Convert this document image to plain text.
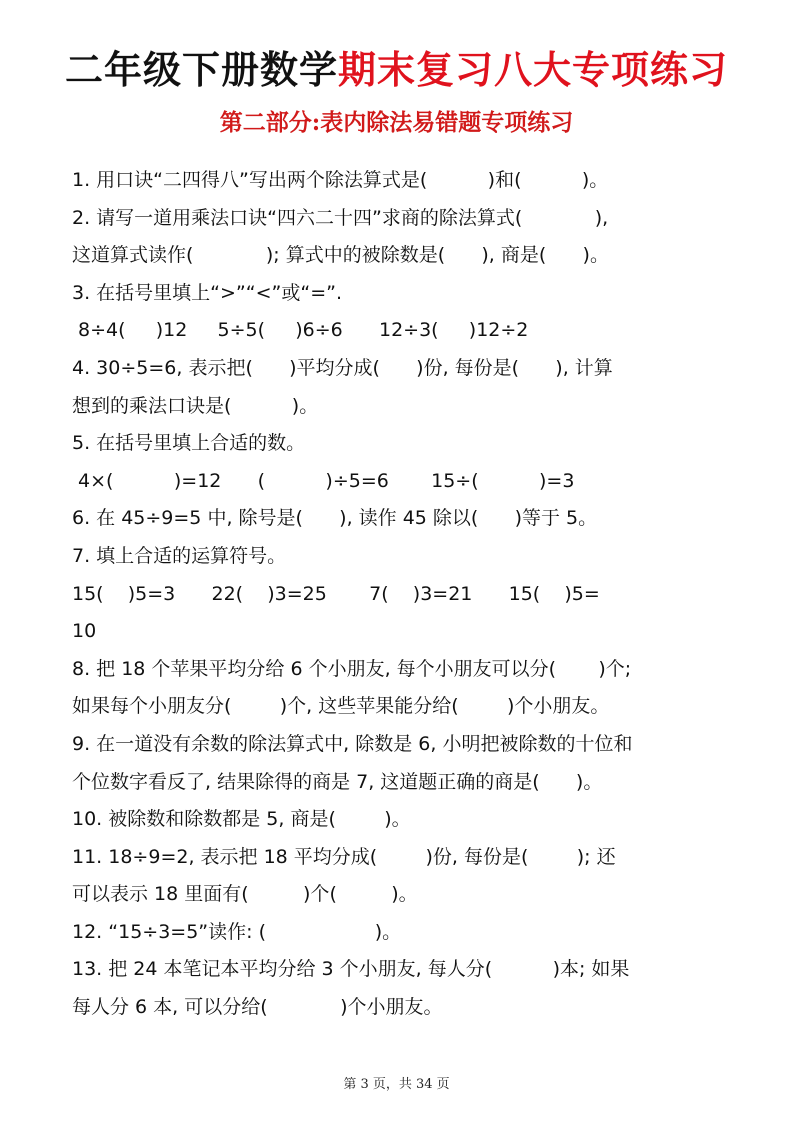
二年级下册数学期末复习八大专项练习
第二部分:表内除法易错题专项练习
1. 用口诀“二四得八”写出两个除法算式是(          )和(          )。
2. 请写一道用乘法口诀“四六二十四”求商的除法算式(            ),
这道算式读作(            ); 算式中的被除数是(      ), 商是(      )。
3. 在括号里填上“>”“<”或“=”.
8÷4(     )12     5÷5(     )6÷6      12÷3(     )12÷2
4. 30÷5=6, 表示把(      )平均分成(      )份, 每份是(      ), 计算
想到的乘法口诀是(          )。
5. 在括号里填上合适的数。
4×(          )=12      (          )÷5=6       15÷(          )=3
6. 在 45÷9=5 中, 除号是(      ), 读作 45 除以(      )等于 5。
7. 填上合适的运算符号。
15(    )5=3      22(    )3=25       7(    )3=21      15(    )5=
10
8. 把 18 个苹果平均分给 6 个小朋友, 每个小朋友可以分(       )个;
如果每个小朋友分(        )个, 这些苹果能分给(        )个小朋友。
9. 在一道没有余数的除法算式中, 除数是 6, 小明把被除数的十位和
个位数字看反了, 结果除得的商是 7, 这道题正确的商是(      )。
10. 被除数和除数都是 5, 商是(        )。
11. 18÷9=2, 表示把 18 平均分成(        )份, 每份是(        ); 还
可以表示 18 里面有(         )个(         )。
12. “15÷3=5”读作: (                  )。
13. 把 24 本笔记本平均分给 3 个小朋友, 每人分(          )本; 如果
每人分 6 本, 可以分给(            )个小朋友。
第 3 页，共 34 页
